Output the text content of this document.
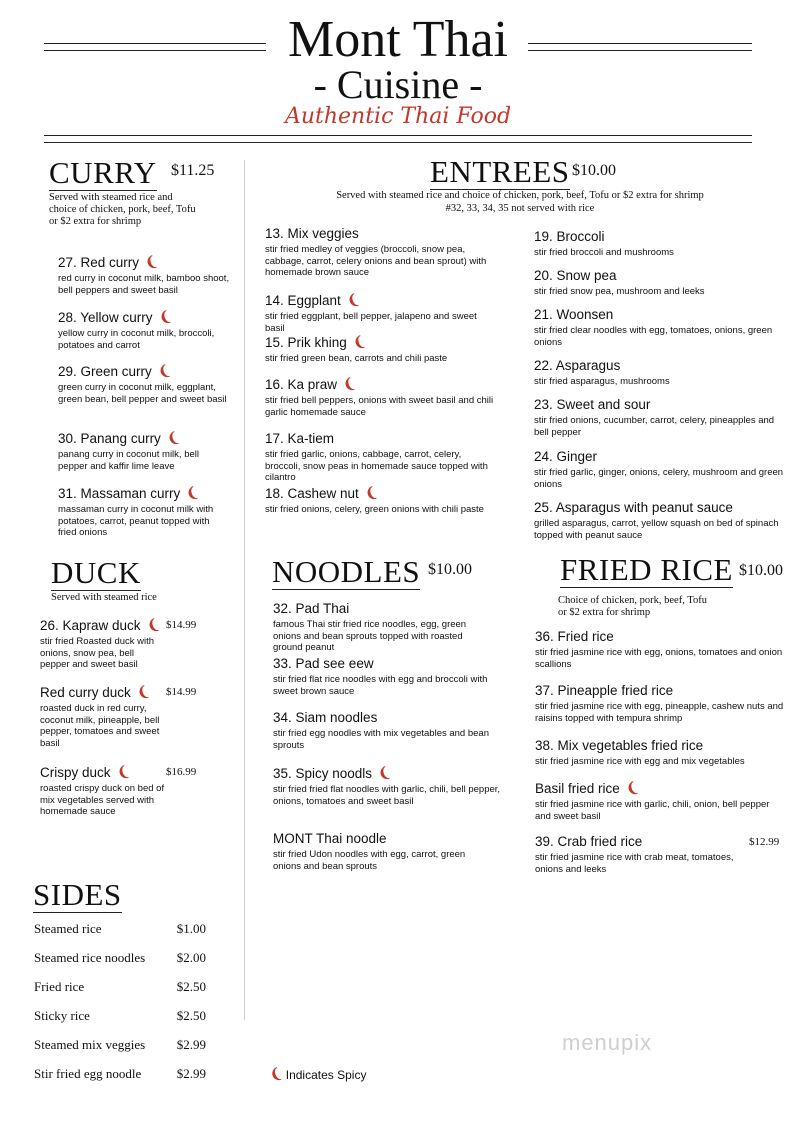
Mont Thai
- Cuisine -
Authentic Thai Food
CURRY $11.25
Served with steamed rice and choice of chicken, pork, beef, Tofu or $2 extra for shrimp
27. Red curry ❨
red curry in coconut milk, bamboo shoot, bell peppers and sweet basil
28. Yellow curry ❨
yellow curry in coconut milk, broccoli, potatoes and carrot
29. Green curry ❨
green curry in coconut milk, eggplant, green bean, bell pepper and sweet basil
30. Panang curry ❨
panang curry in coconut milk, bell pepper and kaffir lime leave
31. Massaman curry ❨
massaman curry in coconut milk with potatoes, carrot, peanut topped with fried onions
DUCK
Served with steamed rice
26. Kapraw duck ❨
stir fried Roasted duck with onions, snow pea, bell pepper and sweet basil
$14.99
Red curry duck ❨
roasted duck in red curry, coconut milk, pineapple, bell pepper, tomatoes and sweet basil
$14.99
Crispy duck ❨
roasted crispy duck on bed of mix vegetables served with homemade sauce
$16.99
SIDES
Steamed rice	$1.00
Steamed rice noodles $2.00
Fried rice	$2.50
Sticky rice	$2.50
Steamed mix veggies $2.99
Stir fried egg noodle	$2.99
ENTREES $10.00
Served with steamed rice and choice of chicken, pork, beef, Tofu or $2 extra for shrimp
#32, 33, 34, 35 not served with rice
13. Mix veggies
stir fried medley of veggies (broccoli, snow pea, cabbage, carrot, celery onions and bean sprout) with homemade brown sauce
14. Eggplant ❨
stir fried eggplant, bell pepper, jalapeno and sweet basil
15. Prik khing ❨
stir fried green bean, carrots and chili paste
16. Ka praw ❨
stir fried bell peppers, onions with sweet basil and chili garlic homemade sauce
17. Ka-tiem
stir fried garlic, onions, cabbage, carrot, celery, broccoli, snow peas in homemade sauce topped with cilantro
18. Cashew nut ❨
stir fried onions, celery, green onions with chili paste
19. Broccoli
stir fried broccoli and mushrooms
20. Snow pea
stir fried snow pea, mushroom and leeks
21. Woonsen
stir fried clear noodles with egg, tomatoes, onions, green onions
22. Asparagus
stir fried asparagus, mushrooms
23. Sweet and sour
stir fried onions, cucumber, carrot, celery, pineapples and bell pepper
24. Ginger
stir fried garlic, ginger, onions, celery, mushroom and green onions
25. Asparagus with peanut sauce
grilled asparagus, carrot, yellow squash on bed of spinach topped with peanut sauce
NOODLES $10.00
32. Pad Thai
famous Thai stir fried rice noodles, egg, green onions and bean sprouts topped with roasted ground peanut
33. Pad see eew
stir fried flat rice noodles with egg and broccoli with sweet brown sauce
34. Siam noodles
stir fried egg noodles with mix vegetables and bean sprouts
35. Spicy noodls ❨
stir fried fried flat noodles with garlic, chili, bell pepper, onions, tomatoes and sweet basil
MONT Thai noodle
stir fried Udon noodles with egg, carrot, green onions and bean sprouts
FRIED RICE $10.00
Choice of chicken, pork, beef, Tofu
or $2 extra for shrimp
36. Fried rice
stir fried jasmine rice with egg, onions, tomatoes and onion scallions
37. Pineapple fried rice
stir fried jasmine rice with egg, pineapple, cashew nuts and raisins topped with tempura shrimp
38. Mix vegetables fried rice
stir fried jasmine rice with egg and mix vegetables
Basil fried rice ❨
stir fried jasmine rice with garlic, chili, onion, bell pepper and sweet basil
39. Crab fried rice
stir fried jasmine rice with crab meat, tomatoes, onions and leeks
$12.99
❨ Indicates Spicy
menupix
